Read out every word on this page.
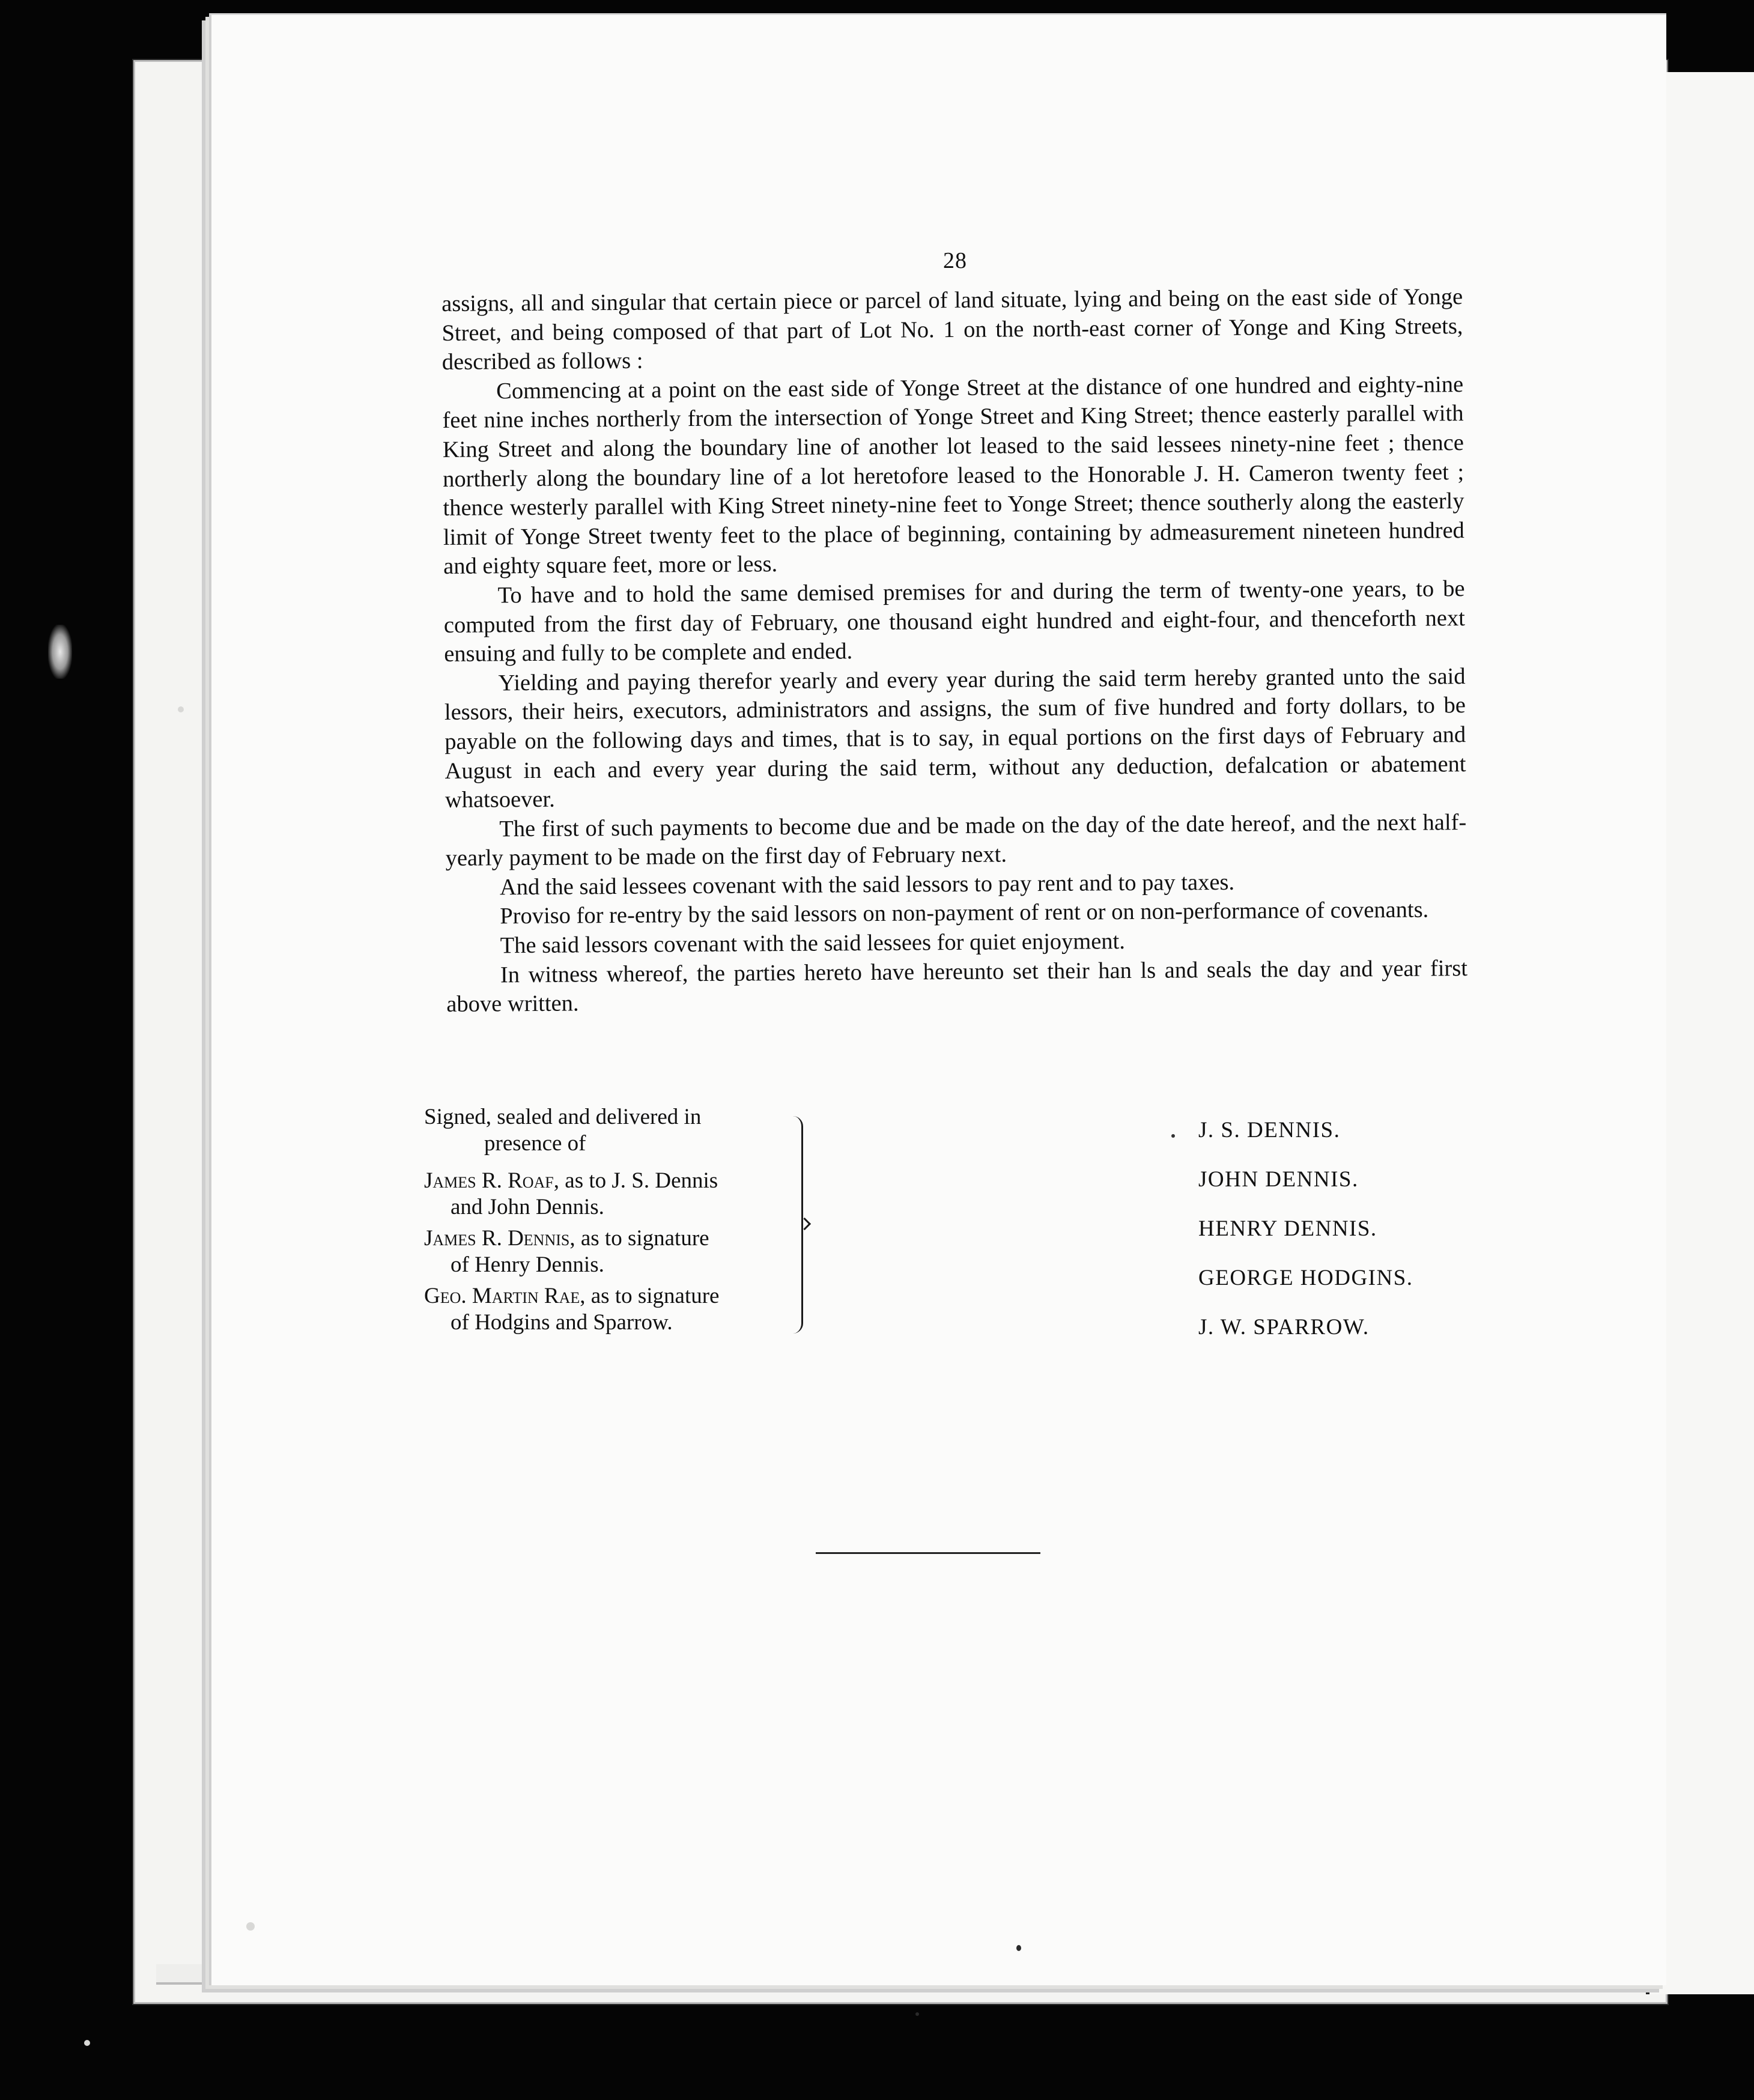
28

assigns, all and singular that certain piece or parcel of land situate, lying and being on the east side of Yonge Street, and being composed of that part of Lot No. 1 on the north-east corner of Yonge and King Streets, described as follows :

Commencing at a point on the east side of Yonge Street at the distance of one hundred and eighty-nine feet nine inches northerly from the intersection of Yonge Street and King Street; thence easterly parallel with King Street and along the boundary line of another lot leased to the said lessees ninety-nine feet ; thence northerly along the boundary line of a lot heretofore leased to the Honorable J. H. Cameron twenty feet ; thence westerly parallel with King Street ninety-nine feet to Yonge Street; thence southerly along the easterly limit of Yonge Street twenty feet to the place of beginning, containing by admeasurement nineteen hundred and eighty square feet, more or less.

To have and to hold the same demised premises for and during the term of twenty-one years, to be computed from the first day of February, one thousand eight hundred and eight-four, and thenceforth next ensuing and fully to be complete and ended.

Yielding and paying therefor yearly and every year during the said term hereby granted unto the said lessors, their heirs, executors, administrators and assigns, the sum of five hundred and forty dollars, to be payable on the following days and times, that is to say, in equal portions on the first days of February and August in each and every year during the said term, without any deduction, defalcation or abatement whatsoever.

The first of such payments to become due and be made on the day of the date hereof, and the next half-yearly payment to be made on the first day of February next.

And the said lessees covenant with the said lessors to pay rent and to pay taxes.

Proviso for re-entry by the said lessors on non-payment of rent or on non-performance of covenants.

The said lessors covenant with the said lessees for quiet enjoyment.

In witness whereof, the parties hereto have hereunto set their han ls and seals the day and year first above written.

Signed, sealed and delivered in
presence of
James R. Roaf, as to J. S. Dennis
and John Dennis.
James R. Dennis, as to signature
of Henry Dennis.
Geo. Martin Rae, as to signature
of Hodgins and Sparrow.
J. S. DENNIS.
JOHN DENNIS.
HENRY DENNIS.
GEORGE HODGINS.
J. W. SPARROW.
